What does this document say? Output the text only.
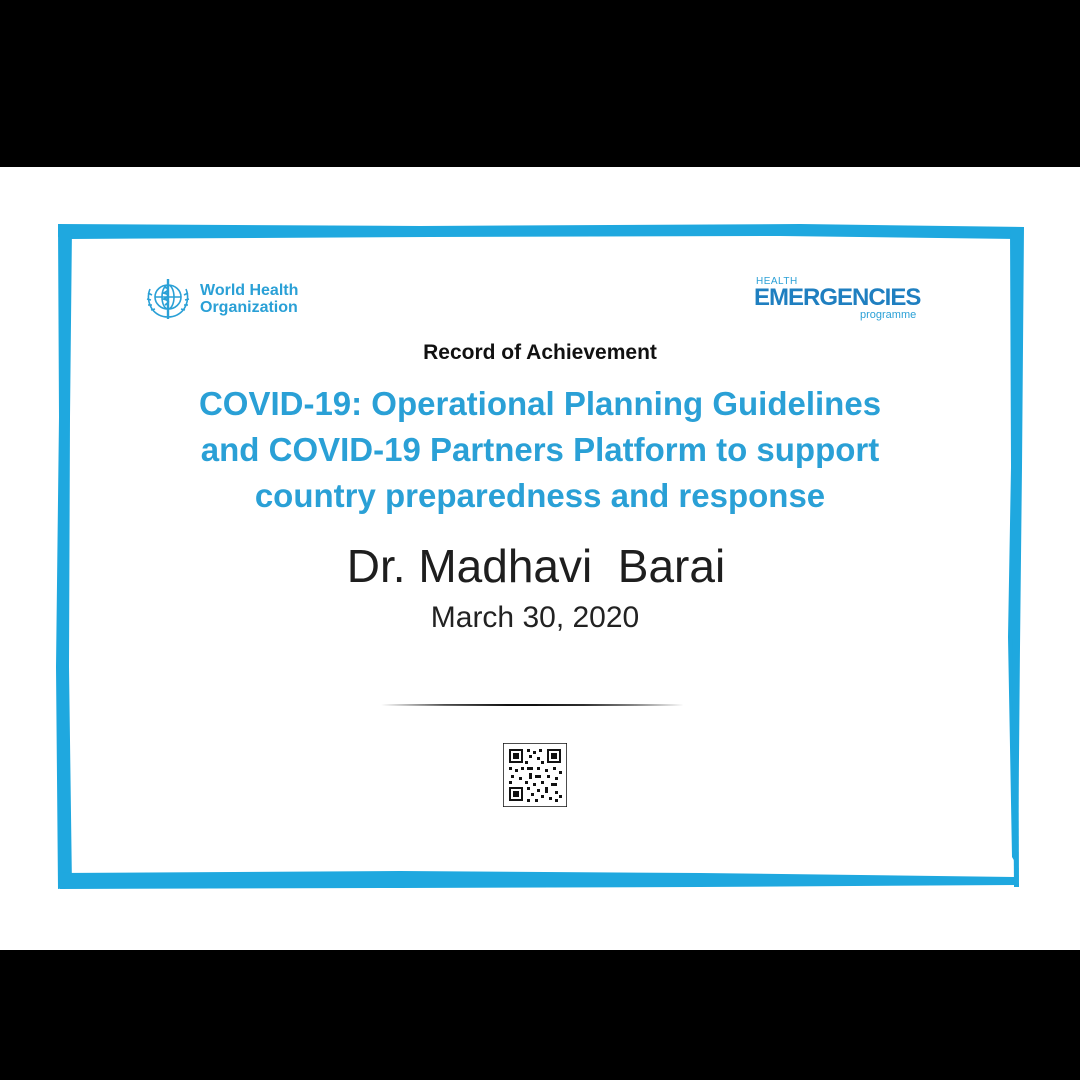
World Health
Organization
HEALTH
EMERGENCIES
programme
Record of Achievement
COVID-19: Operational Planning Guidelines
and COVID-19 Partners Platform to support
country preparedness and response
Dr. Madhavi  Barai
March 30, 2020
